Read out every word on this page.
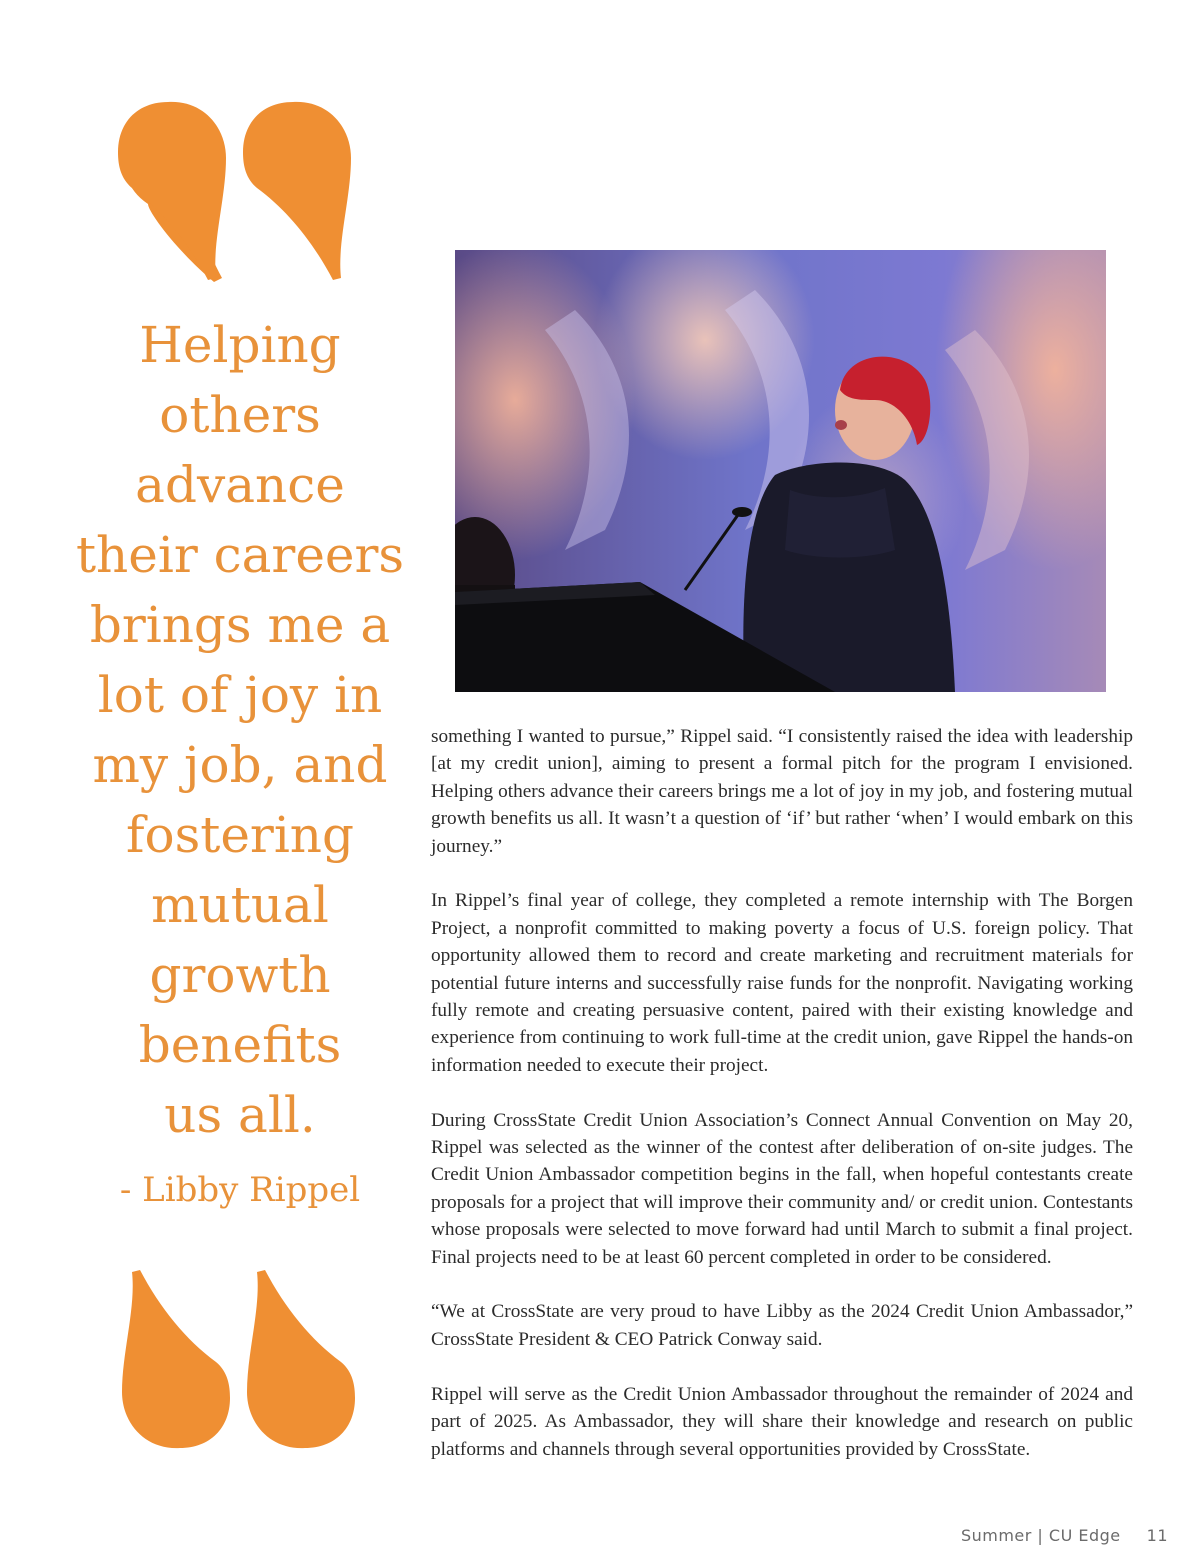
Helping
others
advance
their careers
brings me a
lot of joy in
my job, and
fostering
mutual
growth
benefits
us all.
- Libby Rippel

something I wanted to pursue,” Rippel said. “I consistently raised the idea with leadership [at my credit union], aiming to present a formal pitch for the program I envisioned. Helping others advance their careers brings me a lot of joy in my job, and fostering mutual growth benefits us all. It wasn’t a question of ‘if’ but rather ‘when’ I would embark on this journey.”

In Rippel’s final year of college, they completed a remote internship with The Borgen Project, a nonprofit committed to making poverty a focus of U.S. foreign policy. That opportunity allowed them to record and create marketing and recruitment materials for potential future interns and successfully raise funds for the nonprofit. Navigating working fully remote and creating persuasive content, paired with their existing knowledge and experience from continuing to work full-time at the credit union, gave Rippel the hands-on information needed to execute their project.

During CrossState Credit Union Association’s Connect Annual Convention on May 20, Rippel was selected as the winner of the contest after deliberation of on-site judges. The Credit Union Ambassador competition begins in the fall, when hopeful contestants create proposals for a project that will improve their community and/ or credit union. Contestants whose proposals were selected to move forward had until March to submit a final project. Final projects need to be at least 60 percent completed in order to be considered.

“We at CrossState are very proud to have Libby as the 2024 Credit Union Ambassador,” CrossState President & CEO Patrick Conway said.

Rippel will serve as the Credit Union Ambassador throughout the remainder of 2024 and part of 2025. As Ambassador, they will share their knowledge and research on public platforms and channels through several opportunities provided by CrossState.

Summer | CU Edge 11
